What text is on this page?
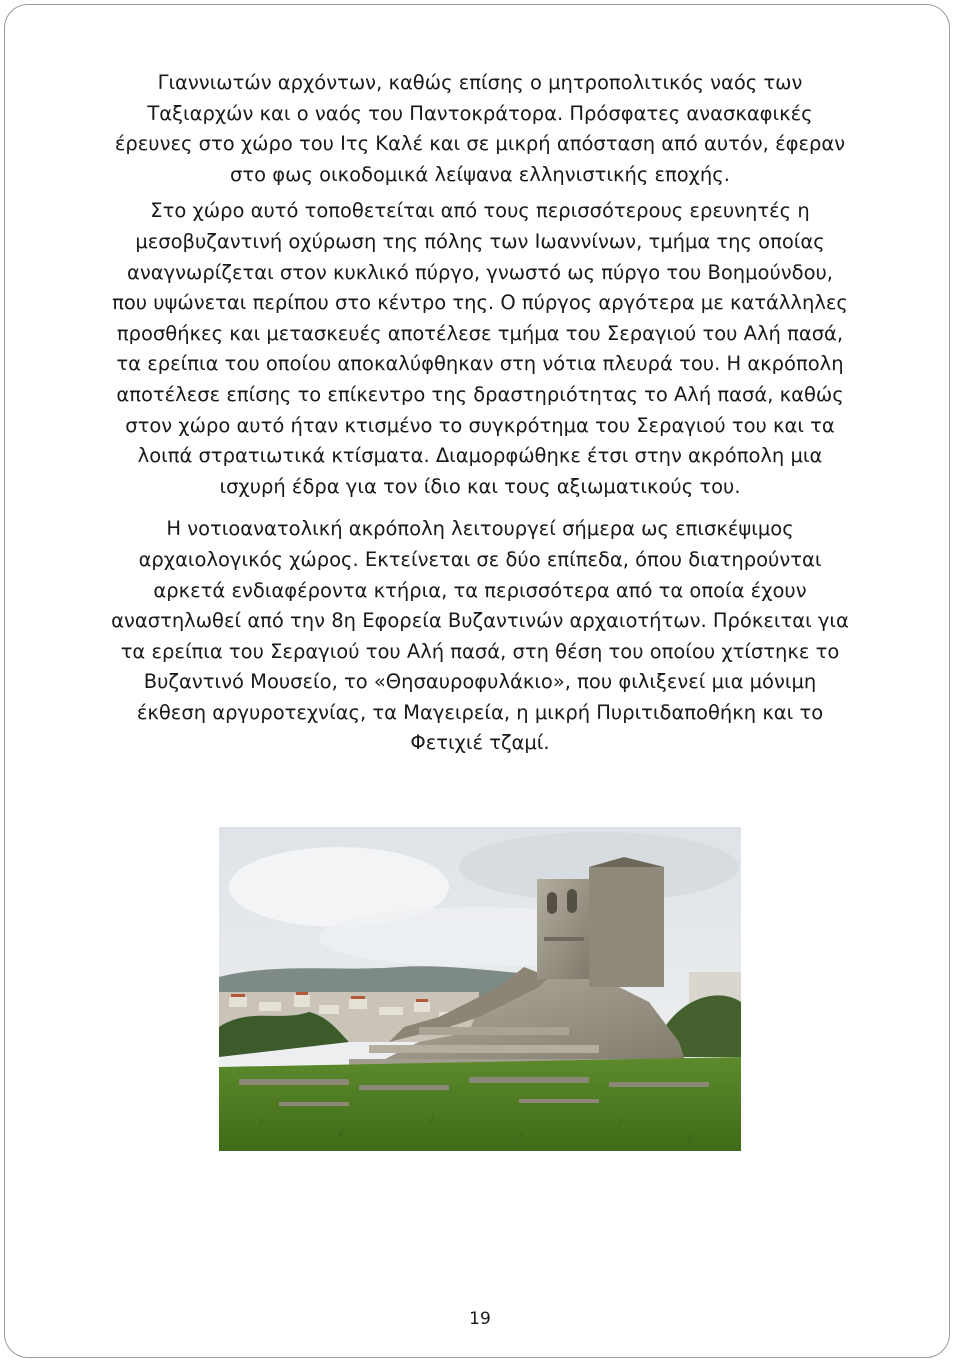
Γιαννιωτών αρχόντων, καθώς επίσης ο μητροπολιτικός ναός των Ταξιαρχών και ο ναός του Παντοκράτορα. Πρόσφατες ανασκαφικές έρευνες στο χώρο του Ιτς Καλέ και σε μικρή απόσταση από αυτόν, έφεραν στο φως οικοδομικά λείψανα ελληνιστικής εποχής.

Στο χώρο αυτό τοποθετείται από τους περισσότερους ερευνητές η μεσοβυζαντινή οχύρωση της πόλης των Ιωαννίνων, τμήμα της οποίας αναγνωρίζεται στον κυκλικό πύργο, γνωστό ως πύργο του Βοημούνδου, που υψώνεται περίπου στο κέντρο της. Ο πύργος αργότερα με κατάλληλες προσθήκες και μετασκευές αποτέλεσε τμήμα του Σεραγιού του Αλή πασά, τα ερείπια του οποίου αποκαλύφθηκαν στη νότια πλευρά του. Η ακρόπολη αποτέλεσε επίσης το επίκεντρο της δραστηριότητας το Αλή πασά, καθώς στον χώρο αυτό ήταν κτισμένο το συγκρότημα του Σεραγιού του και τα λοιπά στρατιωτικά κτίσματα. Διαμορφώθηκε έτσι στην ακρόπολη μια ισχυρή έδρα για τον ίδιο και τους αξιωματικούς του.

Η νοτιοανατολική ακρόπολη λειτουργεί σήμερα ως επισκέψιμος αρχαιολογικός χώρος. Εκτείνεται σε δύο επίπεδα, όπου διατηρούνται αρκετά ενδιαφέροντα κτήρια, τα περισσότερα από τα οποία έχουν αναστηλωθεί από την 8η Εφορεία Βυζαντινών αρχαιοτήτων. Πρόκειται για τα ερείπια του Σεραγιού του Αλή πασά, στη θέση του οποίου χτίστηκε το Βυζαντινό Μουσείο, το «Θησαυροφυλάκιο», που φιλιξενεί μια μόνιμη έκθεση αργυροτεχνίας, τα Μαγειρεία, η μικρή Πυριτιδαποθήκη και το Φετιχιέ τζαμί.

19
